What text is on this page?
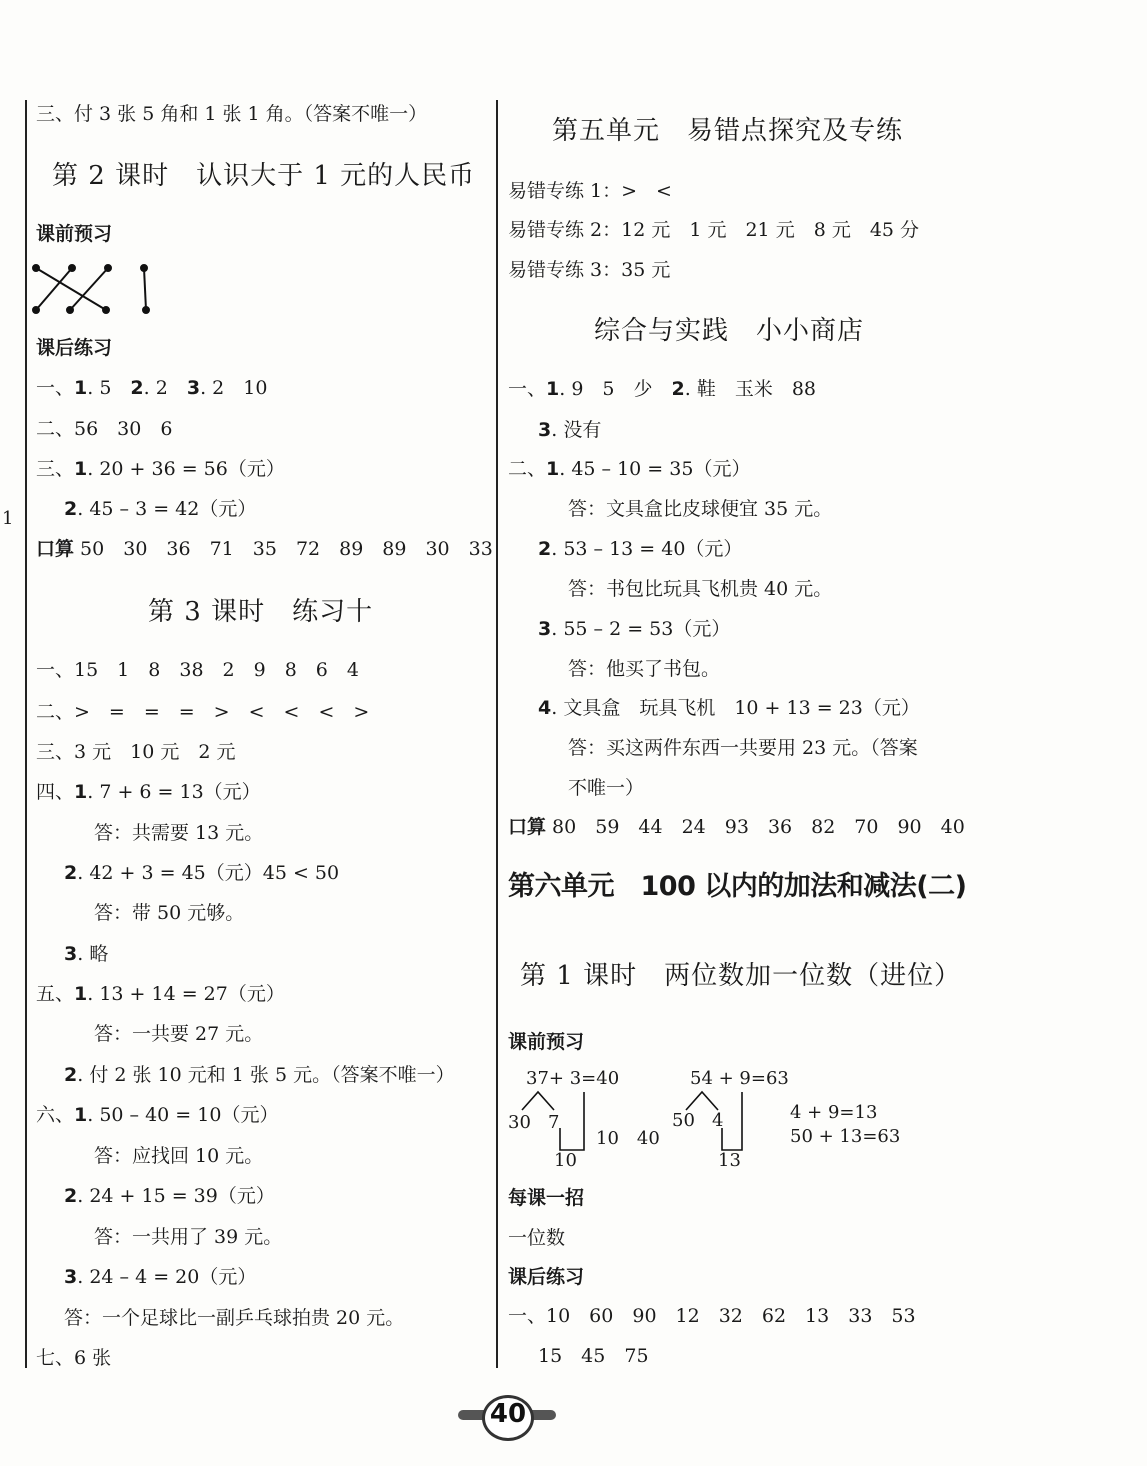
1
三、付 3 张 5 角和 1 张 1 角。（答案不唯一）
第 2 课时　认识大于 1 元的人民币
课前预习
课后练习
一、1. 5　2. 2　3. 2　10
二、56　30　6
三、1. 20 + 36 = 56（元）
2. 45 – 3 = 42（元）
口算 50　30　36　71　35　72　89　89　30　33
第 3 课时　练习十
一、15　1　8　38　2　9　8　6　4
二、>　=　=　=　>　<　<　<　>
三、3 元　10 元　2 元
四、1. 7 + 6 = 13（元）
答：共需要 13 元。
2. 42 + 3 = 45（元）45 < 50
答：带 50 元够。
3. 略
五、1. 13 + 14 = 27（元）
答：一共要 27 元。
2. 付 2 张 10 元和 1 张 5 元。（答案不唯一）
六、1. 50 – 40 = 10（元）
答：应找回 10 元。
2. 24 + 15 = 39（元）
答：一共用了 39 元。
3. 24 – 4 = 20（元）
答：一个足球比一副乒乓球拍贵 20 元。
七、6 张
第五单元　易错点探究及专练
易错专练 1：>　<
易错专练 2：12 元　1 元　21 元　8 元　45 分
易错专练 3：35 元
综合与实践　小小商店
一、1. 9　5　少　2. 鞋　玉米　88
3. 没有
二、1. 45 – 10 = 35（元）
答：文具盒比皮球便宜 35 元。
2. 53 – 13 = 40（元）
答：书包比玩具飞机贵 40 元。
3. 55 – 2 = 53（元）
答：他买了书包。
4. 文具盒　玩具飞机　10 + 13 = 23（元）
答：买这两件东西一共要用 23 元。（答案
不唯一）
口算 80　59　44　24　93　36　82　70　90　40
第六单元　100 以内的加法和减法(二)
第 1 课时　两位数加一位数（进位）
课前预习
37+ 3=40
30 7
10
10　40
54 + 9=63
50 4
13
4 + 9=13
50 + 13=63
每课一招
一位数
课后练习
一、10　60　90　12　32　62　13　33　53
15　45　75
40
